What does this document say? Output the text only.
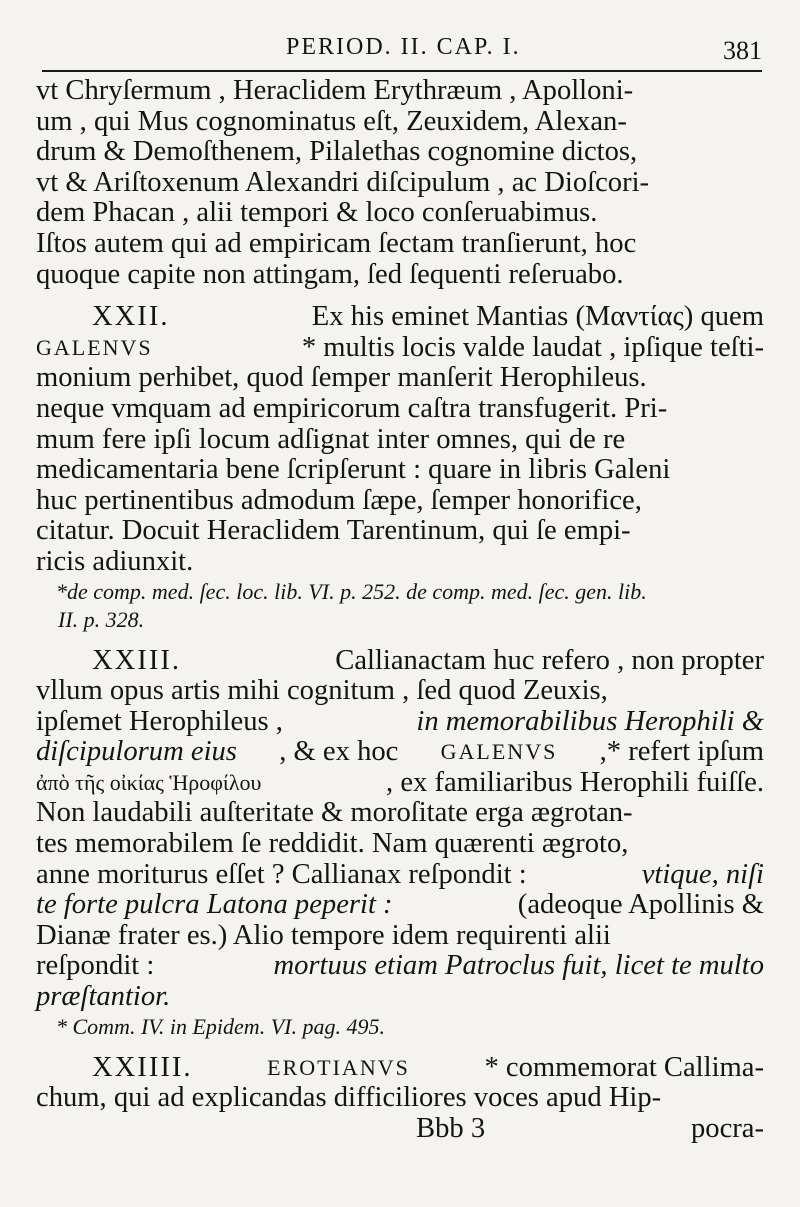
PERIOD. II. CAP. I.	381
vt Chryſermum , Heraclidem Erythræum , Apolloni-
um , qui Mus cognominatus eſt, Zeuxidem, Alexan-
drum & Demoſthenem, Pilalethas cognomine dictos,
vt & Ariſtoxenum Alexandri diſcipulum , ac Dioſcori-
dem Phacan , alii tempori & loco conſeruabimus.
Iſtos autem qui ad empiricam ſectam tranſierunt, hoc
quoque capite non attingam, ſed ſequenti reſeruabo.
XXII.	Ex his eminet Mantias (Μαντίας) quem
GALENVS	* multis locis valde laudat , ipſique teſti-
monium perhibet, quod ſemper manſerit Herophileus.
neque vmquam ad empiricorum caſtra transfugerit. Pri-
mum fere ipſi locum adſignat inter omnes, qui de re
medicamentaria bene ſcripſerunt : quare in libris Galeni
huc pertinentibus admodum ſæpe, ſemper honorifice,
citatur. Docuit Heraclidem Tarentinum, qui ſe empi-
ricis adiunxit.
*de comp. med. ſec. loc. lib. VI. p. 252. de comp. med. ſec. gen. lib.
II. p. 328.
XXIII.	Callianactam huc refero , non propter
vllum opus artis mihi cognitum , ſed quod Zeuxis,
ipſemet Herophileus ,	in memorabilibus Herophili &
diſcipulorum eius , & ex hoc GALENVS ,* refert ipſum
ἀπὸ τῆς οἰκίας Ἡροφίλου	, ex familiaribus Herophili fuiſſe.
Non laudabili auſteritate & moroſitate erga ægrotan-
tes memorabilem ſe reddidit. Nam quærenti ægroto,
anne moriturus eſſet ? Callianax reſpondit :	vtique, niſi
te forte pulcra Latona peperit :	(adeoque Apollinis &
Dianæ frater es.) Alio tempore idem requirenti alii
reſpondit :	mortuus etiam Patroclus fuit, licet te multo
præſtantior.
* Comm. IV. in Epidem. VI. pag. 495.
XXIIII.	EROTIANVS	* commemorat Callima-
chum, qui ad explicandas difficiliores voces apud Hip-
Bbb 3	pocra-
